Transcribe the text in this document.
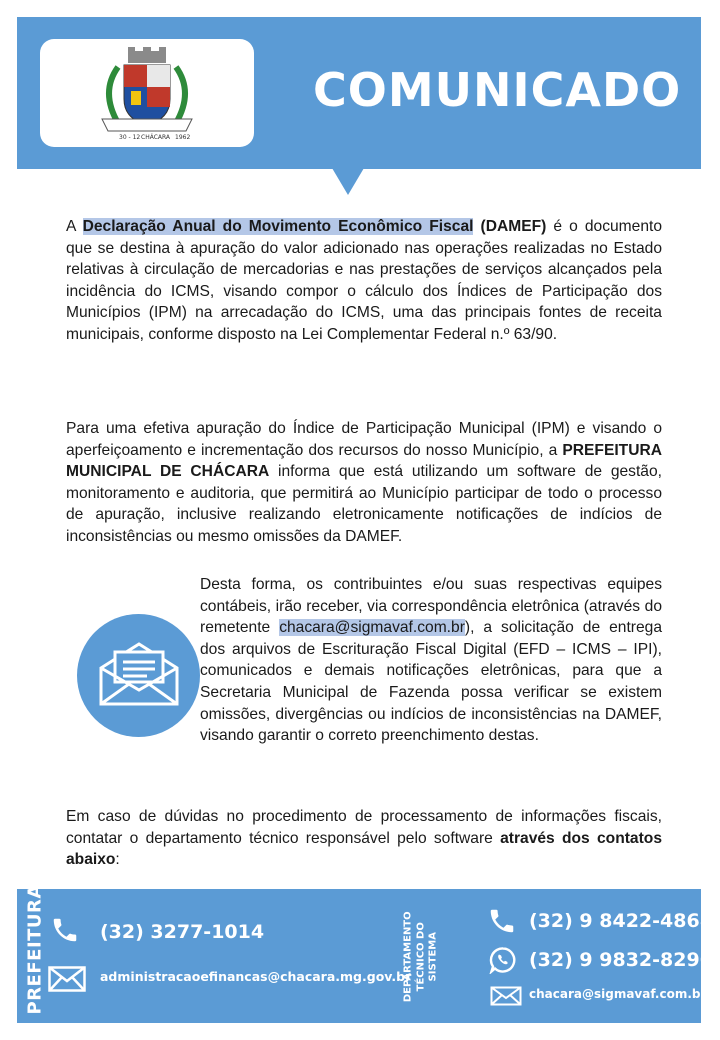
30 - 12 CHÁCARA 1962
COMUNICADO
A Declaração Anual do Movimento Econômico Fiscal (DAMEF) é o documento que se destina à apuração do valor adicionado nas operações realizadas no Estado relativas à circulação de mercadorias e nas prestações de serviços alcançados pela incidência do ICMS, visando compor o cálculo dos Índices de Participação dos Municípios (IPM) na arrecadação do ICMS, uma das principais fontes de receita municipais, conforme disposto na Lei Complementar Federal n.º 63/90.
Para uma efetiva apuração do Índice de Participação Municipal (IPM) e visando o aperfeiçoamento e incrementação dos recursos do nosso Município, a PREFEITURA MUNICIPAL DE CHÁCARA informa que está utilizando um software de gestão, monitoramento e auditoria, que permitirá ao Município participar de todo o processo de apuração, inclusive realizando eletronicamente notificações de indícios de inconsistências ou mesmo omissões da DAMEF.
Desta forma, os contribuintes e/ou suas respectivas equipes contábeis, irão receber, via correspondência eletrônica (através do remetente chacara@sigmavaf.com.br), a solicitação de entrega dos arquivos de Escrituração Fiscal Digital (EFD – ICMS – IPI), comunicados e demais notificações eletrônicas, para que a Secretaria Municipal de Fazenda possa verificar se existem omissões, divergências ou indícios de inconsistências na DAMEF, visando garantir o correto preenchimento destas.
Em caso de dúvidas no procedimento de processamento de informações fiscais, contatar o departamento técnico responsável pelo software através dos contatos abaixo:
PREFEITURA	(32) 3277-1014
administracaoefinancas@chacara.mg.gov.br
DEPARTAMENTO TÉCNICO DO SISTEMA
(32) 9 8422-4868
(32) 9 9832-8296
chacara@sigmavaf.com.br
